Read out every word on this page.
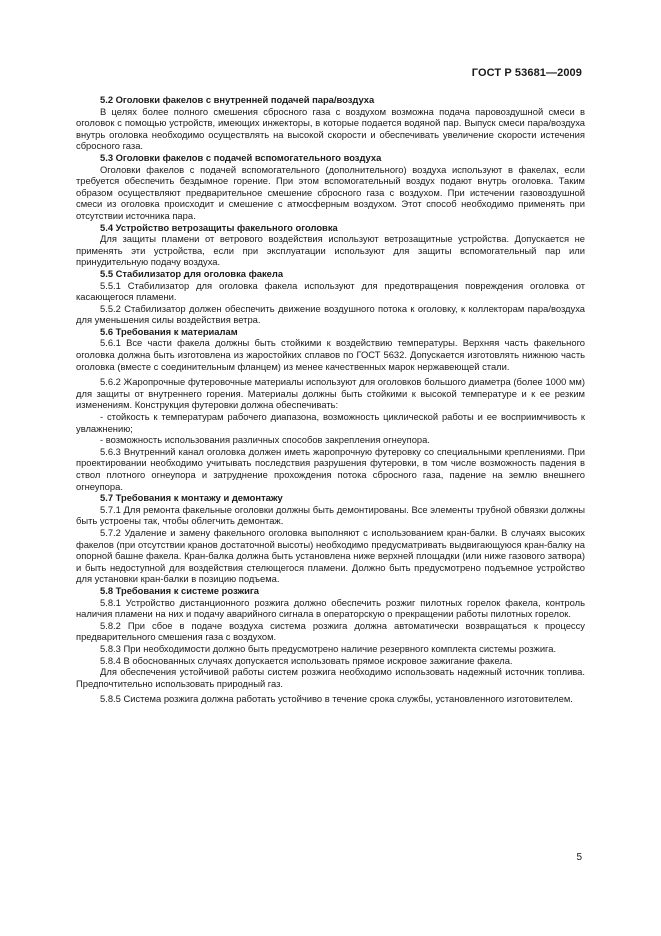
ГОСТ Р 53681—2009

5.2 Оголовки факелов с внутренней подачей пара/воздуха

В целях более полного смешения сбросного газа с воздухом возможна подача паровоздушной смеси в оголовок с помощью устройств, имеющих инжекторы, в которые подается водяной пар. Выпуск смеси пара/воздуха внутрь оголовка необходимо осуществлять на высокой скорости и обеспечивать увеличение скорости истечения сбросного газа.

5.3 Оголовки факелов с подачей вспомогательного воздуха

Оголовки факелов с подачей вспомогательного (дополнительного) воздуха используют в факелах, если требуется обеспечить бездымное горение. При этом вспомогательный воздух подают внутрь оголовка. Таким образом осуществляют предварительное смешение сбросного газа с воздухом. При истечении газовоздушной смеси из оголовка происходит и смешение с атмосферным воздухом. Этот способ необходимо применять при отсутствии источника пара.

5.4 Устройство ветрозащиты факельного оголовка

Для защиты пламени от ветрового воздействия используют ветрозащитные устройства. Допускается не применять эти устройства, если при эксплуатации используют для защиты вспомогательный пар или принудительную подачу воздуха.

5.5 Стабилизатор для оголовка факела

5.5.1 Стабилизатор для оголовка факела используют для предотвращения повреждения оголовка от касающегося пламени.

5.5.2 Стабилизатор должен обеспечить движение воздушного потока к оголовку, к коллекторам пара/воздуха для уменьшения силы воздействия ветра.

5.6 Требования к материалам

5.6.1 Все части факела должны быть стойкими к воздействию температуры. Верхняя часть факельного оголовка должна быть изготовлена из жаростойких сплавов по ГОСТ 5632. Допускается изготовлять нижнюю часть оголовка (вместе с соединительным фланцем) из менее качественных марок нержавеющей стали.

5.6.2 Жаропрочные футеровочные материалы используют для оголовков большого диаметра (более 1000 мм) для защиты от внутреннего горения. Материалы должны быть стойкими к высокой температуре и к ее резким изменениям. Конструкция футеровки должна обеспечивать:

- стойкость к температурам рабочего диапазона, возможность циклической работы и ее восприимчивость к увлажнению;

- возможность использования различных способов закрепления огнеупора.

5.6.3 Внутренний канал оголовка должен иметь жаропрочную футеровку со специальными креплениями. При проектировании необходимо учитывать последствия разрушения футеровки, в том числе возможность падения в ствол плотного огнеупора и затруднение прохождения потока сбросного газа, падение на землю внешнего огнеупора.

5.7 Требования к монтажу и демонтажу

5.7.1 Для ремонта факельные оголовки должны быть демонтированы. Все элементы трубной обвязки должны быть устроены так, чтобы облегчить демонтаж.

5.7.2 Удаление и замену факельного оголовка выполняют с использованием кран-балки. В случаях высоких факелов (при отсутствии кранов достаточной высоты) необходимо предусматривать выдвигающуюся кран-балку на опорной башне факела. Кран-балка должна быть установлена ниже верхней площадки (или ниже газового затвора) и быть недоступной для воздействия стелющегося пламени. Должно быть предусмотрено подъемное устройство для установки кран-балки в позицию подъема.

5.8 Требования к системе розжига

5.8.1 Устройство дистанционного розжига должно обеспечить розжиг пилотных горелок факела, контроль наличия пламени на них и подачу аварийного сигнала в операторскую о прекращении работы пилотных горелок.

5.8.2 При сбое в подаче воздуха система розжига должна автоматически возвращаться к процессу предварительного смешения газа с воздухом.

5.8.3 При необходимости должно быть предусмотрено наличие резервного комплекта системы розжига.

5.8.4 В обоснованных случаях допускается использовать прямое искровое зажигание факела.

Для обеспечения устойчивой работы систем розжига необходимо использовать надежный источник топлива. Предпочтительно использовать природный газ.

5.8.5 Система розжига должна работать устойчиво в течение срока службы, установленного изготовителем.

5
